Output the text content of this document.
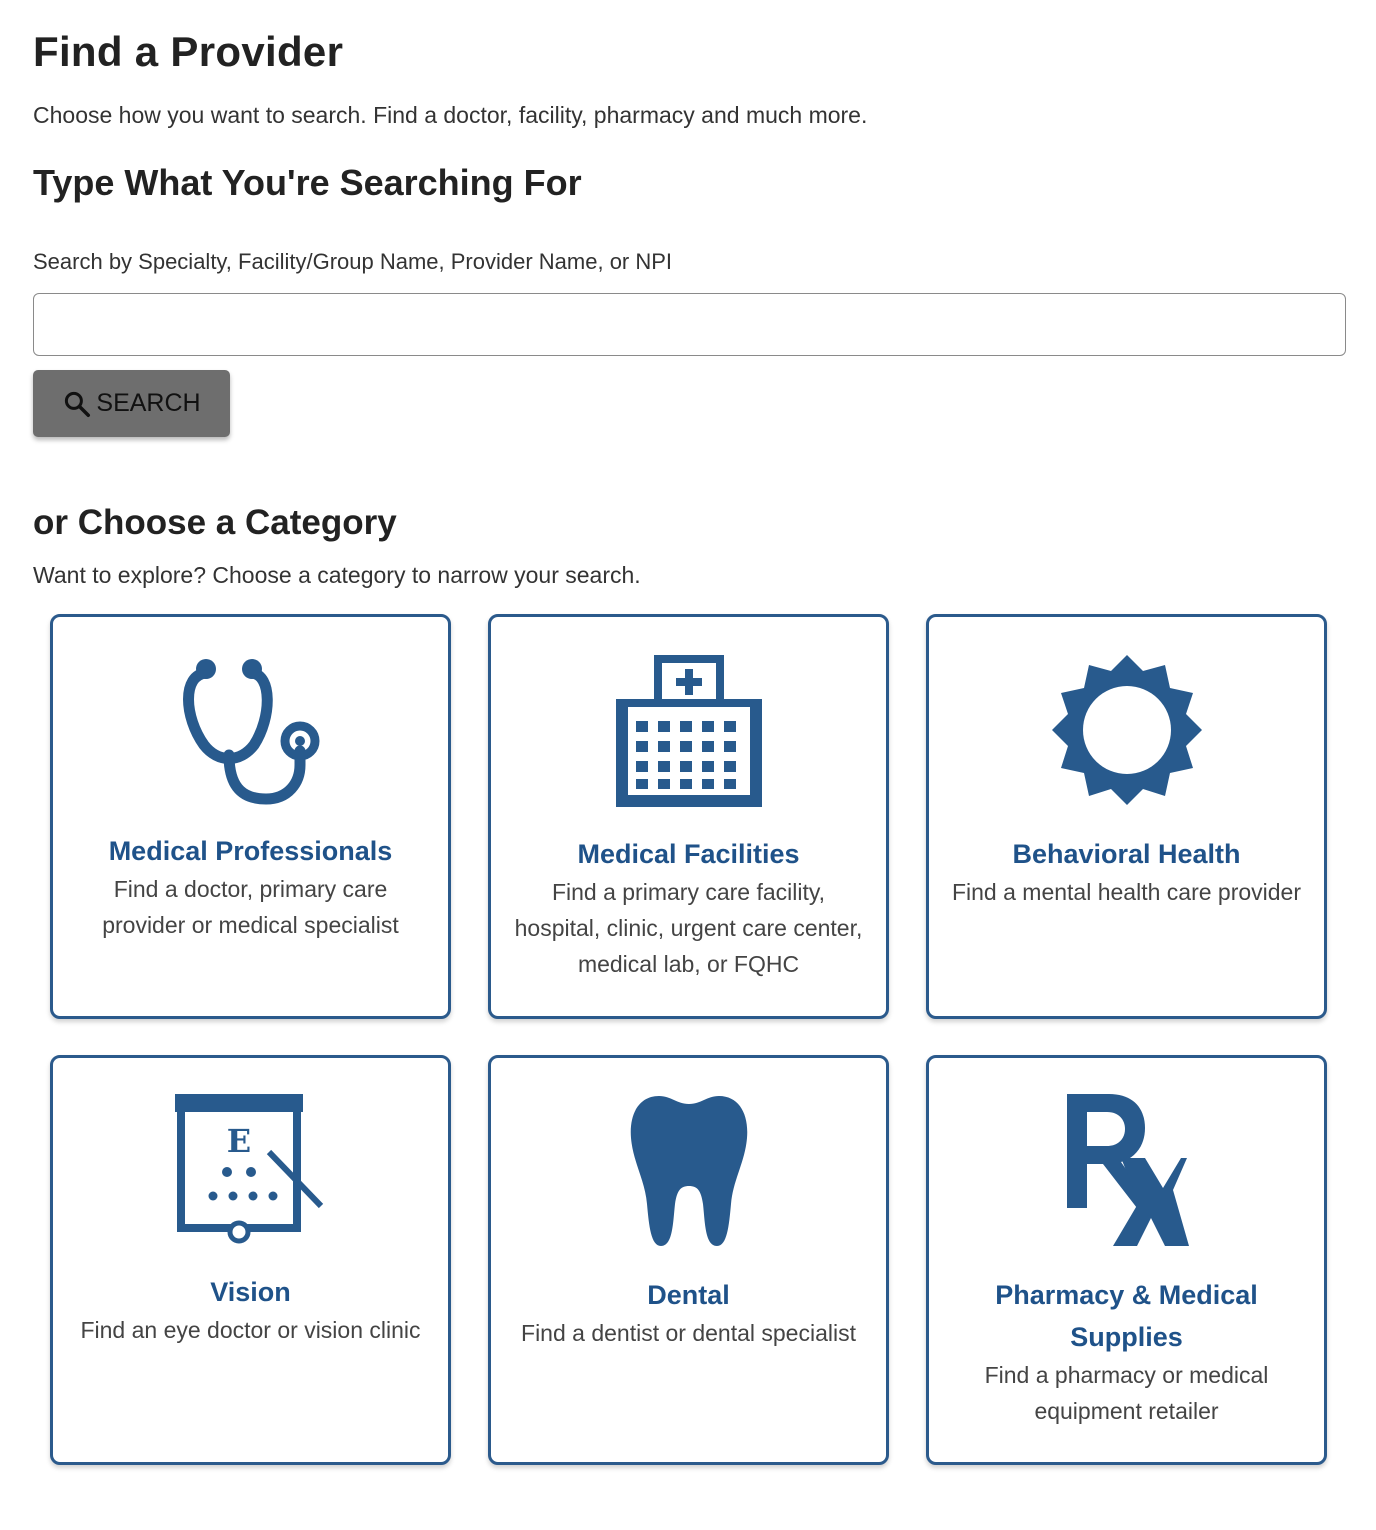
Find a Provider
Choose how you want to search. Find a doctor, facility, pharmacy and much more.
Type What You're Searching For
Search by Specialty, Facility/Group Name, Provider Name, or NPI
SEARCH
or Choose a Category
Want to explore? Choose a category to narrow your search.
Medical Professionals
Find a doctor, primary care provider or medical specialist
Medical Facilities
Find a primary care facility, hospital, clinic, urgent care center, medical lab, or FQHC
Behavioral Health
Find a mental health care provider
E
Vision
Find an eye doctor or vision clinic
Dental
Find a dentist or dental specialist
Pharmacy & Medical Supplies
Find a pharmacy or medical equipment retailer
